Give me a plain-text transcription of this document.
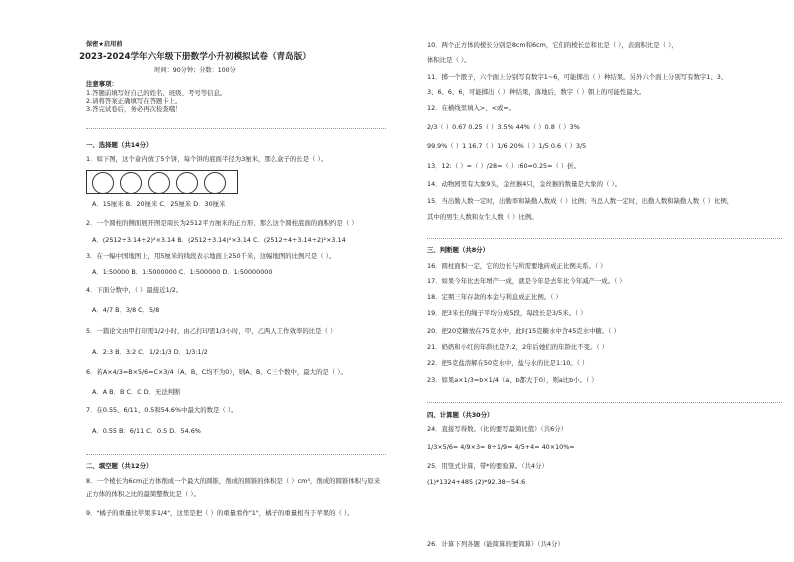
保密★启用前
2023-2024学年六年级下册数学小升初模拟试卷（青岛版）
时间：90分钟；分数：100分
注意事项：
1.答题前填写好自己的姓名、班级、考号等信息。
2.请将答案正确填写在答题卡上。
3.答完试卷后，务必再次检查哦！
一、选择题（共14分）
1．如下图，这个盒内放了5个饼，每个饼的底面半径为3厘米，那么盒子的长是（ ）。
A．15厘米 B．20厘米 C．25厘米 D．30厘米
2．一个圆柱的侧面展开图是周长为2512平方厘米的正方形，那么这个圆柱底面的面积约是（ ）
A．(2512÷3.14÷2)²×3.14 B．(2512÷3.14)²×3.14 C．(2512÷4÷3.14÷2)²×3.14
3．在一幅中国地图上，用5厘米的线段表示地面上250千米，这幅地图的比例尺是（ ）。
A．1:50000 B．1:5000000 C．1:500000 D．1:50000000
4．下面分数中，（ ）最接近1/2。
A．4/7 B．3/8 C．5/8
5．一篇论文由甲打印需1/2小时，由乙打印需1/3小时，甲、乙两人工作效率的比是（ ）
A．2:3 B．3:2 C．1/2:1/3 D．1/3:1/2
6．若A×4/3=B×5/6=C×3/4（A、B、C均不为0），则A、B、C三个数中，最大的是（ ）。
A．A B．B C．C D．无法判断
7．在0.55、6/11、0.5和54.6%中最大的数是（ ）。
A．0.55 B．6/11 C．0.5 D．54.6%
二、填空题（共12分）
8．一个棱长为6cm正方体削成一个最大的圆锥，削成的圆锥的体积是（ ）cm³，削成的圆锥体积与原来
正方体的体积之比的最简整数比是（ ）。
9．"橘子的重量比苹果多1/4"，这里是把（ ）的重量看作"1"，橘子的重量相当于苹果的（ ）。
10．两个正方体的棱长分别是8cm和6cm，它们的棱长总和比是（ ），表面积比是（ ），
体积比是（ ）。
11．掷一个骰子，六个面上分别写有数字1~6，可能掷出（ ）种结果。另外六个面上分别写有数字1、3、
3、6、6、6，可能掷出（ ）种结果，落地后，数字（ ）朝上的可能性最大。
12．在横线里填入>、<或=。
2/3（ ）0.67 0.25（ ）3.5% 44%（ ）0.8（ ）3%
99.9%（ ）1 16.7（ ）1/6 20%（ ）1/5 0.6（ ）3/5
13．12:（ ）=（ ）/28=（ ）:60=0.25=（ ）折。
14．动物园里有大象9头，金丝猴4只，金丝猴的数量是大象的（ ）。
15．当出勤人数一定时，出勤率和缺勤人数成（ ）比例；当总人数一定时，出勤人数和缺勤人数（ ）比例，
其中的男生人数和女生人数（ ）比例。
三、判断题（共8分）
16．圆柱面积一定，它的边长与所需要地砖成正比例关系。（ ）
17．如果今年比去年增产一成，就是今年是去年比今年减产一成。（ ）
18．定期三年存款的本金与利息成正比例。（ ）
19．把3米长的绳子平均分成5段，每段长是3/5米。（ ）
20．把20克糖放在75克水中，此时15克糖水中含45克水中糖。（ ）
21．奶奶和小红的年龄比是7:2，2年后她们的年龄比不变。（ ）
22．把5克盐溶解在50克水中，盐与水的比是1:10。（ ）
23．如果a×1/3=b×1/4（a、b都大于0），则a比b小。（ ）
四、计算题（共30分）
24．直接写得数。（比的要写最简比值）（共6分）
1/3×5/6= 4/9×3= 8÷1/9= 4/5+4= 40×10%=
25．用竖式计算，带*的要验算。（共4分）
(1)*1324+485 (2)*92.38−54.6
26．计算下列各题（能简算的要简算）（共4分）
